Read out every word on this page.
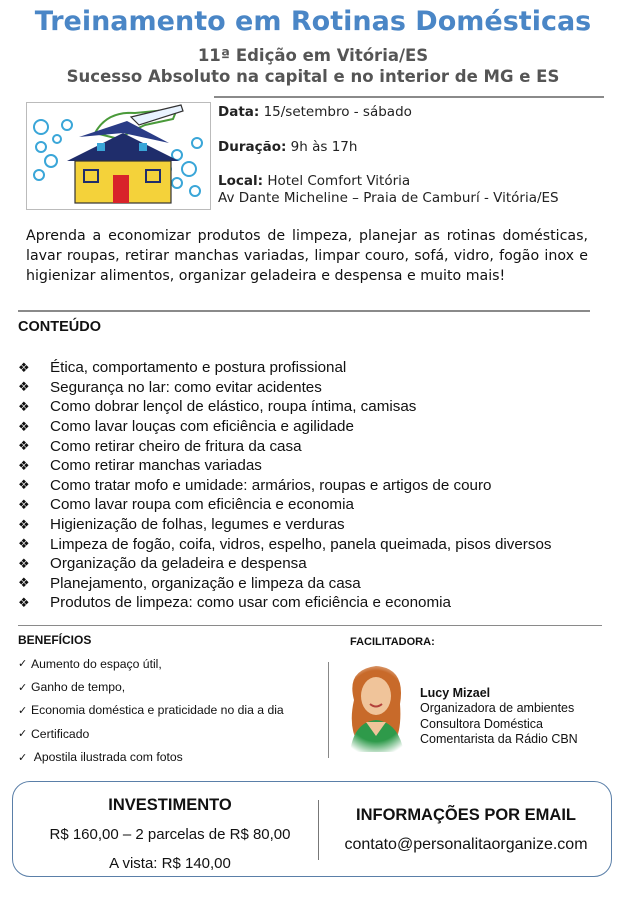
Treinamento em Rotinas Domésticas
11ª Edição em Vitória/ES
Sucesso Absoluto na capital e no interior de MG e ES
Data: 15/setembro - sábado
Duração: 9h às 17h
Local: Hotel Comfort Vitória
Av Dante Micheline – Praia de Camburí - Vitória/ES
Aprenda a economizar produtos de limpeza, planejar as rotinas domésticas, lavar roupas, retirar manchas variadas, limpar couro, sofá, vidro, fogão inox e higienizar alimentos, organizar geladeira e despensa e muito mais!
CONTEÚDO
❖	Ética, comportamento e postura profissional
❖	Segurança no lar: como evitar acidentes
❖	Como dobrar lençol de elástico, roupa íntima, camisas
❖	Como lavar louças com eficiência e agilidade
❖	Como retirar cheiro de fritura da casa
❖	Como retirar manchas variadas
❖	Como tratar mofo e umidade: armários, roupas e artigos de couro
❖	Como lavar roupa com eficiência e economia
❖	Higienização de folhas, legumes e verduras
❖	Limpeza de fogão, coifa, vidros, espelho, panela queimada, pisos diversos
❖	Organização da geladeira e despensa
❖	Planejamento, organização e limpeza da casa
❖	Produtos de limpeza: como usar com eficiência e economia
BENEFÍCIOS
✓ Aumento do espaço útil,
✓ Ganho de tempo,
✓ Economia doméstica e praticidade no dia a dia
✓ Certificado
✓ Apostila ilustrada com fotos
FACILITADORA:
Lucy Mizael
Organizadora de ambientes
Consultora Doméstica
Comentarista da Rádio CBN
INVESTIMENTO
R$ 160,00 – 2 parcelas de R$ 80,00
A vista: R$ 140,00
INFORMAÇÕES POR EMAIL
contato@personalitaorganize.com
